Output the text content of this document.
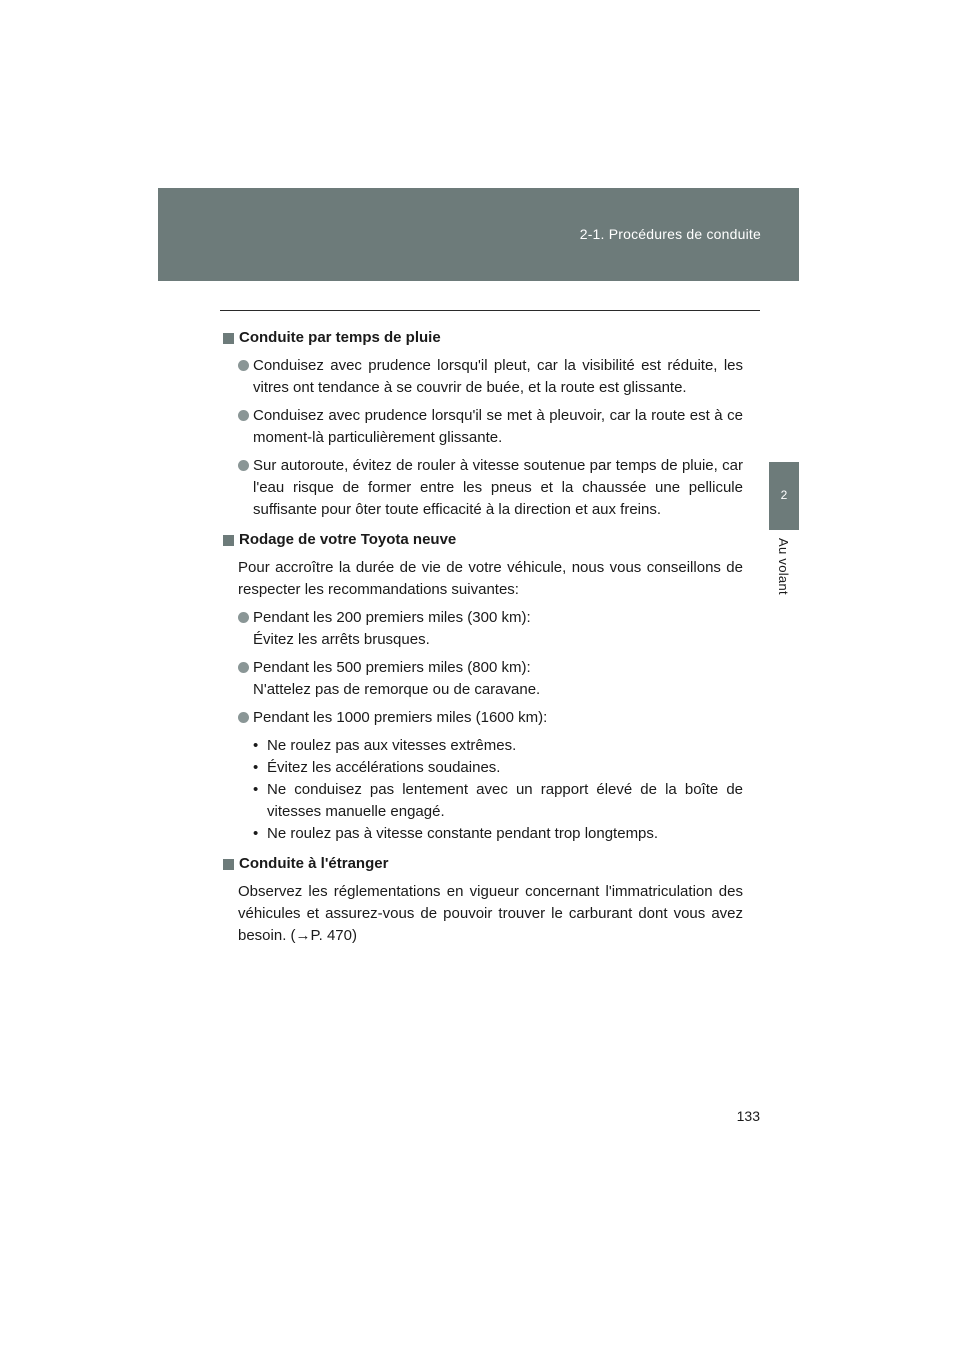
2-1. Procédures de conduite
2
Au volant
Conduite par temps de pluie
Conduisez avec prudence lorsqu'il pleut, car la visibilité est réduite, les vitres ont tendance à se couvrir de buée, et la route est glissante.
Conduisez avec prudence lorsqu'il se met à pleuvoir, car la route est à ce moment-là particulièrement glissante.
Sur autoroute, évitez de rouler à vitesse soutenue par temps de pluie, car l'eau risque de former entre les pneus et la chaussée une pellicule suffisante pour ôter toute efficacité à la direction et aux freins.
Rodage de votre Toyota neuve
Pour accroître la durée de vie de votre véhicule, nous vous conseillons de respecter les recommandations suivantes:
Pendant les 200 premiers miles (300 km):
Évitez les arrêts brusques.
Pendant les 500 premiers miles (800 km):
N'attelez pas de remorque ou de caravane.
Pendant les 1000 premiers miles (1600 km):
• Ne roulez pas aux vitesses extrêmes.
• Évitez les accélérations soudaines.
• Ne conduisez pas lentement avec un rapport élevé de la boîte de vitesses manuelle engagé.
• Ne roulez pas à vitesse constante pendant trop longtemps.
Conduite à l'étranger
Observez les réglementations en vigueur concernant l'immatriculation des véhicules et assurez-vous de pouvoir trouver le carburant dont vous avez besoin. (→P. 470)
133
